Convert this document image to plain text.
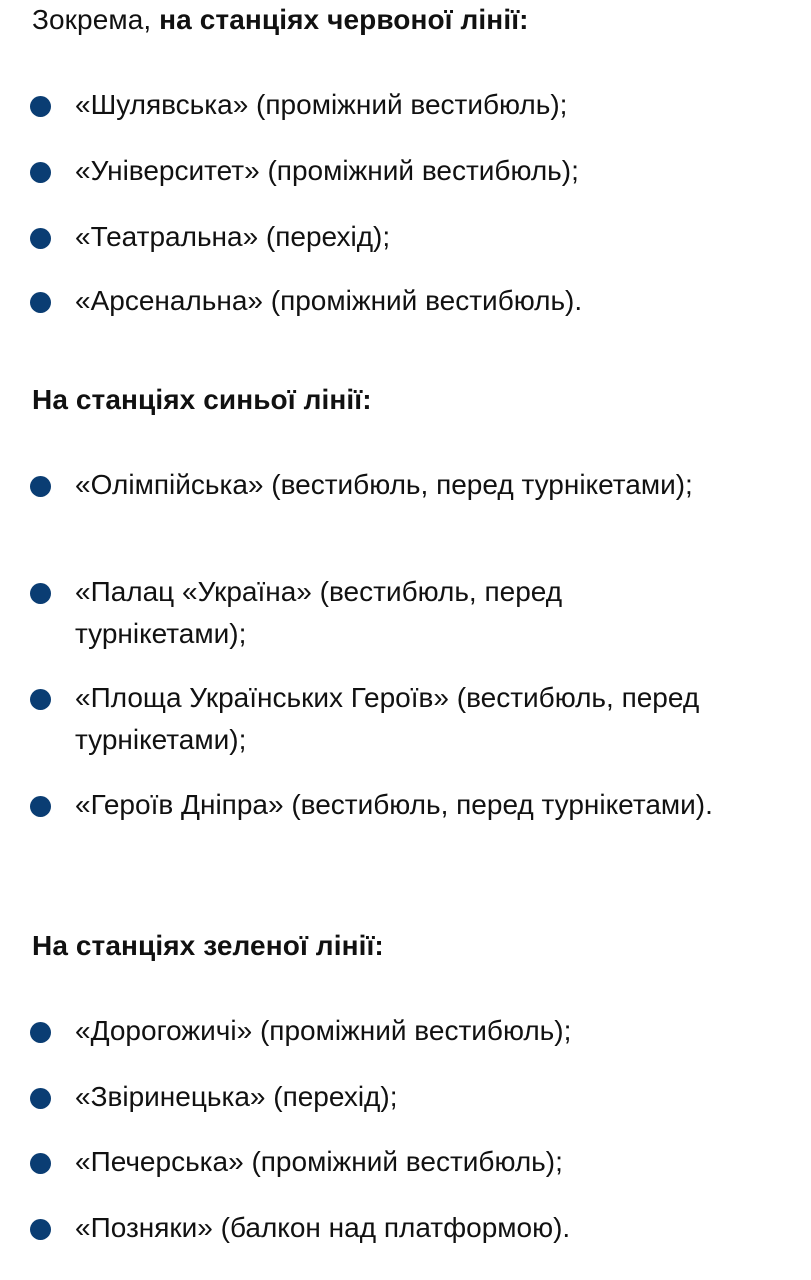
Зокрема, на станціях червоної лінії:
«Шулявська» (проміжний вестибюль);
«Університет» (проміжний вестибюль);
«Театральна» (перехід);
«Арсенальна» (проміжний вестибюль).
На станціях синьої лінії:
«Олімпійська» (вестибюль, перед турнікетами);
«Палац «Україна» (вестибюль, перед турнікетами);
«Площа Українських Героїв» (вестибюль, перед турнікетами);
«Героїв Дніпра» (вестибюль, перед турнікетами).
На станціях зеленої лінії:
«Дорогожичі» (проміжний вестибюль);
«Звіринецька» (перехід);
«Печерська» (проміжний вестибюль);
«Позняки» (балкон над платформою).
